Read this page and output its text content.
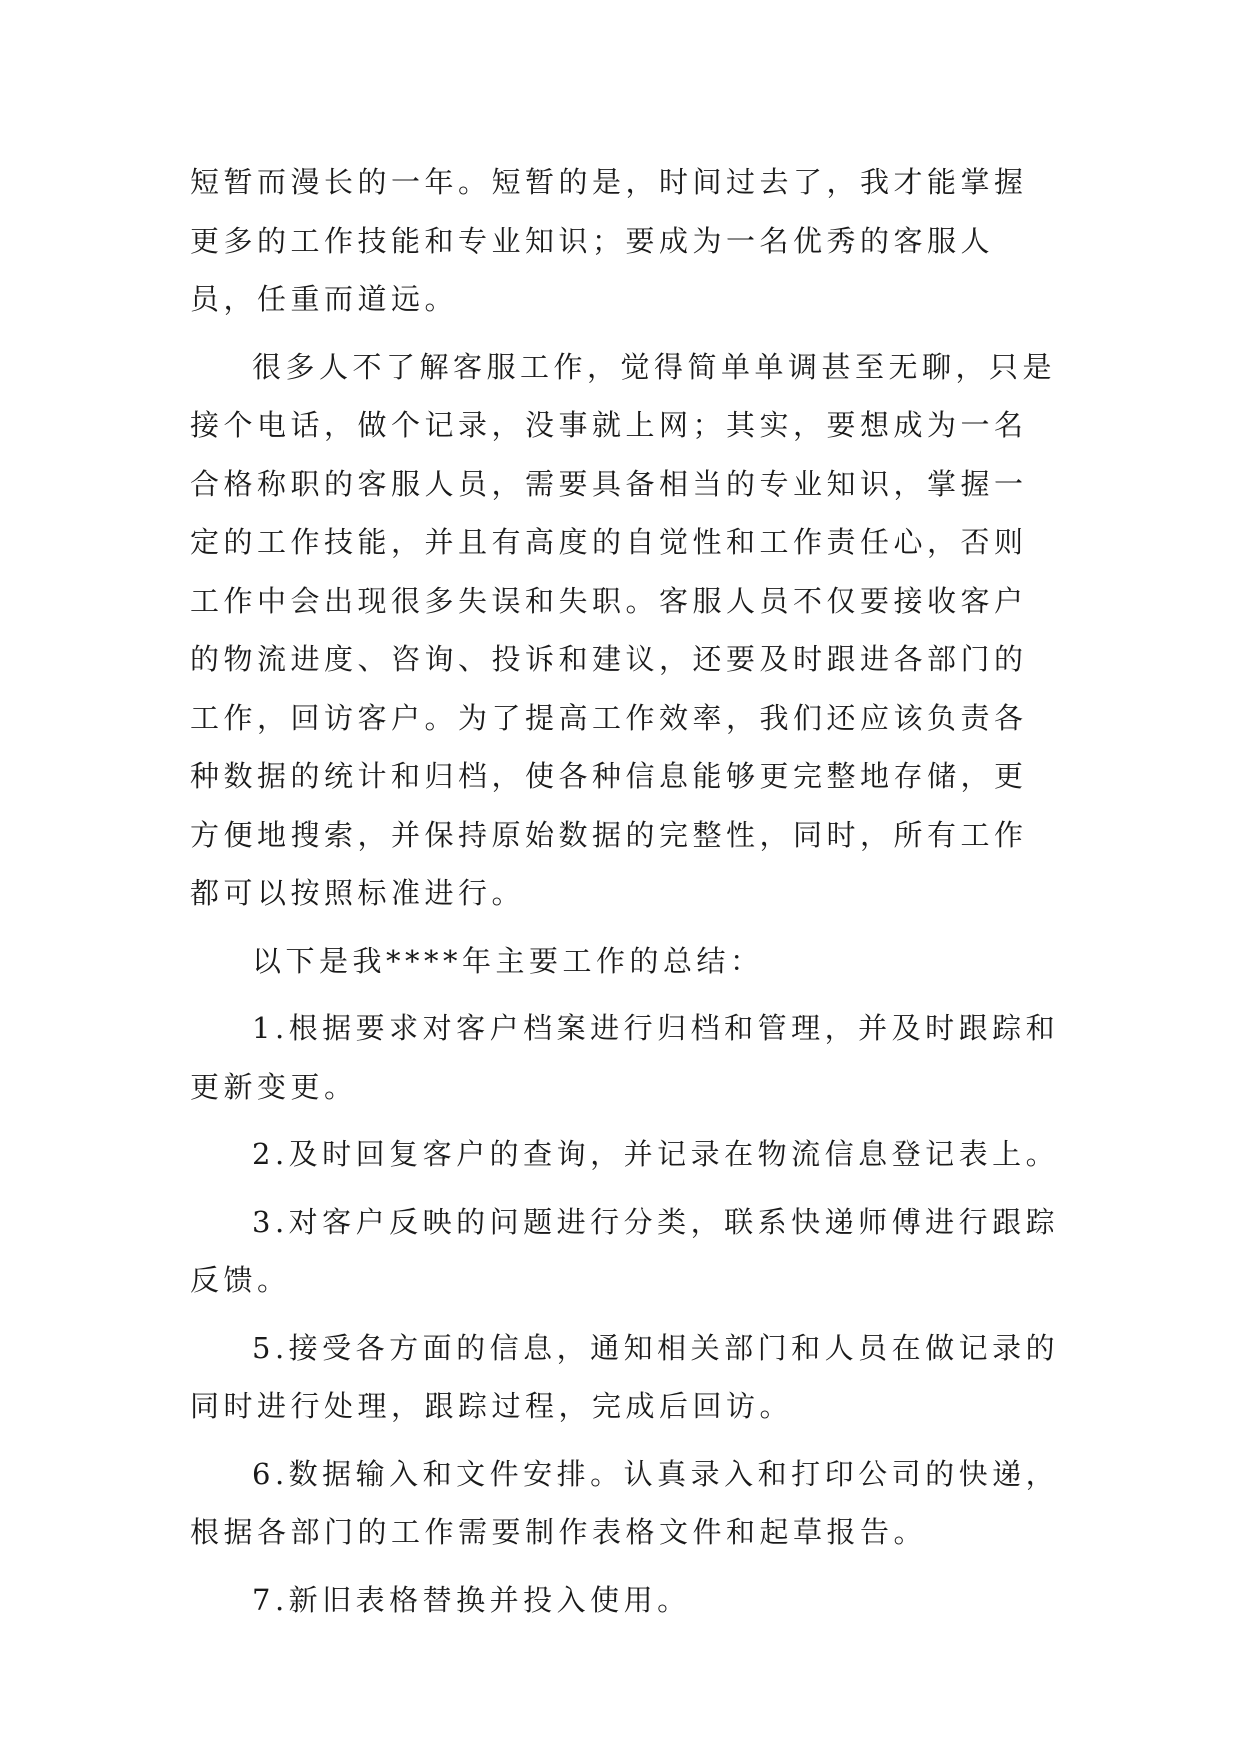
短暂而漫长的一年。短暂的是，时间过去了，我才能掌握更多的工作技能和专业知识；要成为一名优秀的客服人员，任重而道远。

很多人不了解客服工作，觉得简单单调甚至无聊，只是接个电话，做个记录，没事就上网；其实，要想成为一名合格称职的客服人员，需要具备相当的专业知识，掌握一定的工作技能，并且有高度的自觉性和工作责任心，否则工作中会出现很多失误和失职。客服人员不仅要接收客户的物流进度、咨询、投诉和建议，还要及时跟进各部门的工作，回访客户。为了提高工作效率，我们还应该负责各种数据的统计和归档，使各种信息能够更完整地存储，更方便地搜索，并保持原始数据的完整性，同时，所有工作都可以按照标准进行。

以下是我****年主要工作的总结：

1.根据要求对客户档案进行归档和管理，并及时跟踪和更新变更。

2.及时回复客户的查询，并记录在物流信息登记表上。

3.对客户反映的问题进行分类，联系快递师傅进行跟踪反馈。

5.接受各方面的信息，通知相关部门和人员在做记录的同时进行处理，跟踪过程，完成后回访。

6.数据输入和文件安排。认真录入和打印公司的快递，根据各部门的工作需要制作表格文件和起草报告。

7.新旧表格替换并投入使用。
